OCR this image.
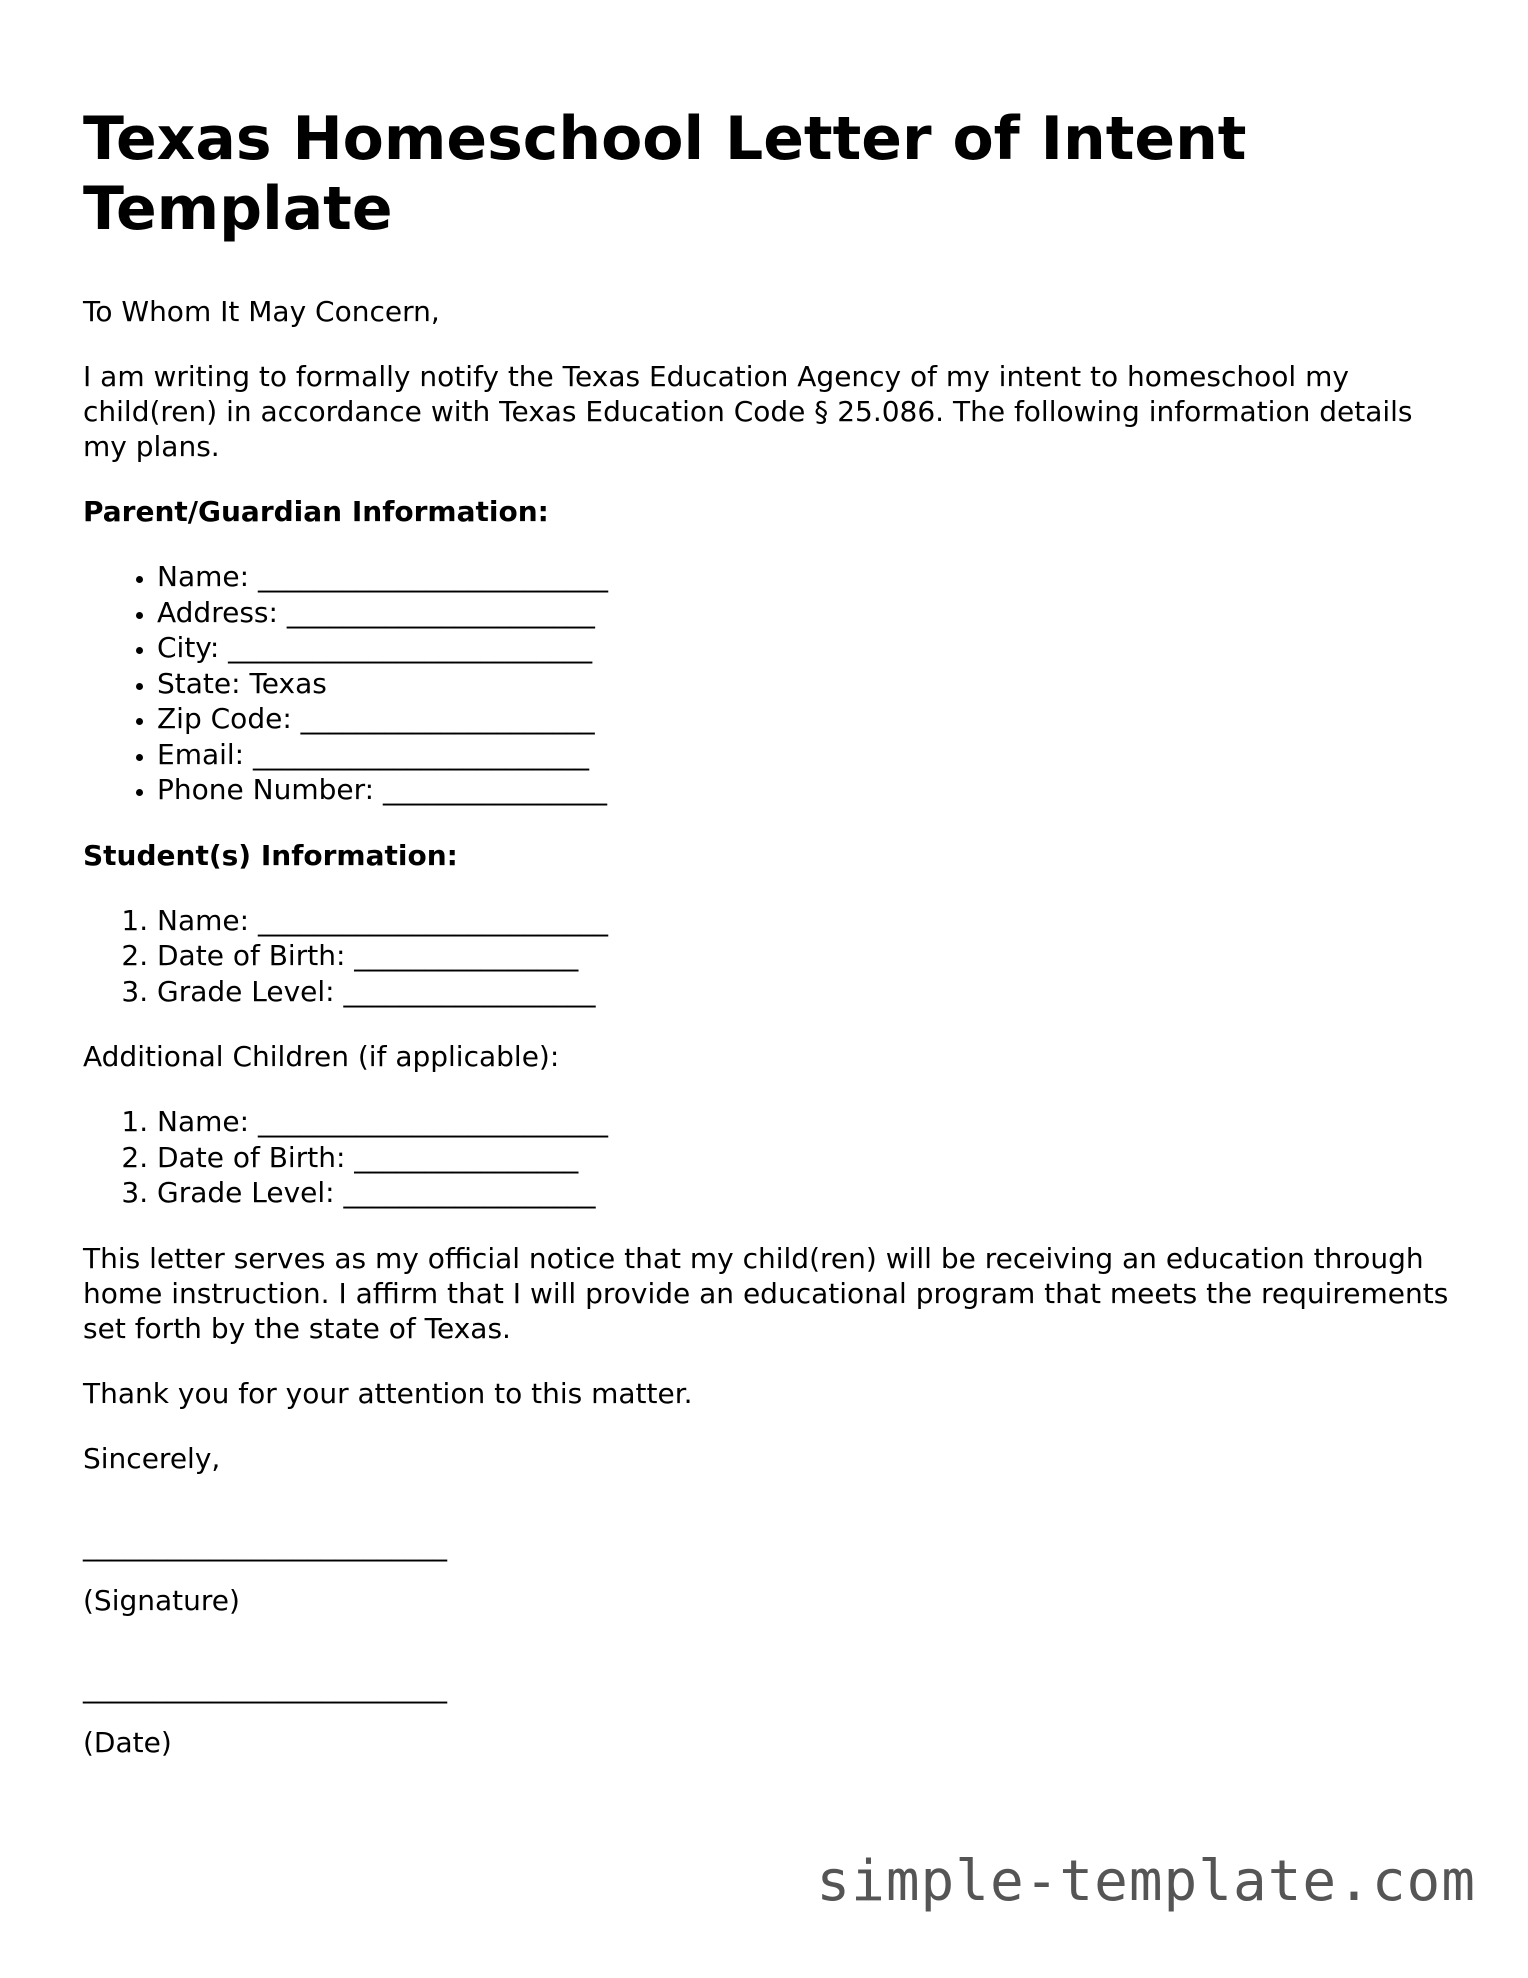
Texas Homeschool Letter of Intent Template

To Whom It May Concern,

I am writing to formally notify the Texas Education Agency of my intent to homeschool my child(ren) in accordance with Texas Education Code § 25.086. The following information details my plans.

Parent/Guardian Information:

• Name: _________________________
• Address: ______________________
• City: __________________________
• State: Texas
• Zip Code: _____________________
• Email: ________________________
• Phone Number: ________________

Student(s) Information:

1. Name: _________________________
2. Date of Birth: ________________
3. Grade Level: __________________

Additional Children (if applicable):

1. Name: _________________________
2. Date of Birth: ________________
3. Grade Level: __________________

This letter serves as my official notice that my child(ren) will be receiving an education through home instruction. I affirm that I will provide an educational program that meets the requirements set forth by the state of Texas.

Thank you for your attention to this matter.

Sincerely,

__________________________

(Signature)

__________________________

(Date)

simple-template.com
